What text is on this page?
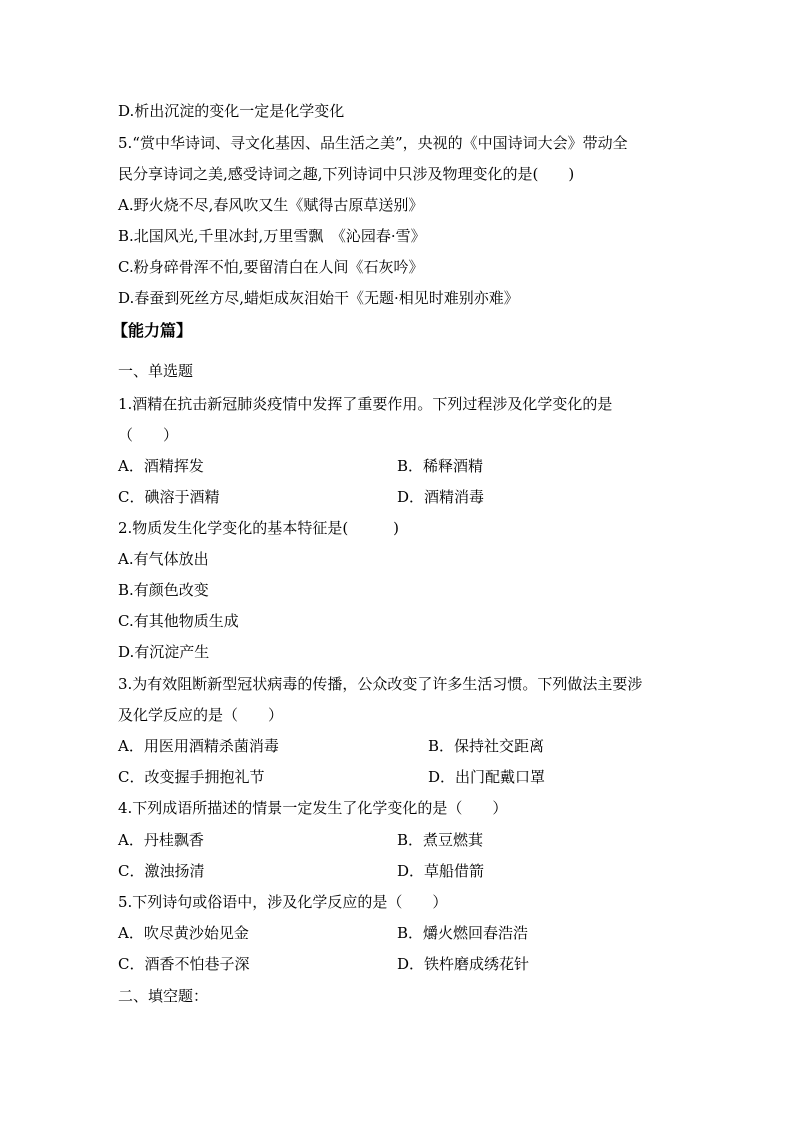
D.析出沉淀的变化一定是化学变化
5.“赏中华诗词、寻文化基因、品生活之美”，央视的《中国诗词大会》带动全
民分享诗词之美,感受诗词之趣,下列诗词中只涉及物理变化的是(　　)
A.野火烧不尽,春风吹又生《赋得古原草送别》
B.北国风光,千里冰封,万里雪飘　《沁园春·雪》
C.粉身碎骨浑不怕,要留清白在人间《石灰吟》
D.春蚕到死丝方尽,蜡炬成灰泪始干《无题·相见时难别亦难》
【能力篇】
一、单选题
1.酒精在抗击新冠肺炎疫情中发挥了重要作用。下列过程涉及化学变化的是
（　　）
A．酒精挥发	B．稀释酒精
C．碘溶于酒精	D．酒精消毒
2.物质发生化学变化的基本特征是(　　　)
A.有气体放出
B.有颜色改变
C.有其他物质生成
D.有沉淀产生
3.为有效阻断新型冠状病毒的传播，公众改变了许多生活习惯。下列做法主要涉
及化学反应的是（　　）
A．用医用酒精杀菌消毒	B．保持社交距离
C．改变握手拥抱礼节	D．出门配戴口罩
4.下列成语所描述的情景一定发生了化学变化的是（　　）
A．丹桂飘香	B．煮豆燃萁
C．激浊扬清	D．草船借箭
5.下列诗句或俗语中，涉及化学反应的是（　　）
A．吹尽黄沙始见金	B．爝火燃回春浩浩
C．酒香不怕巷子深	D．铁杵磨成绣花针
二、填空题：
